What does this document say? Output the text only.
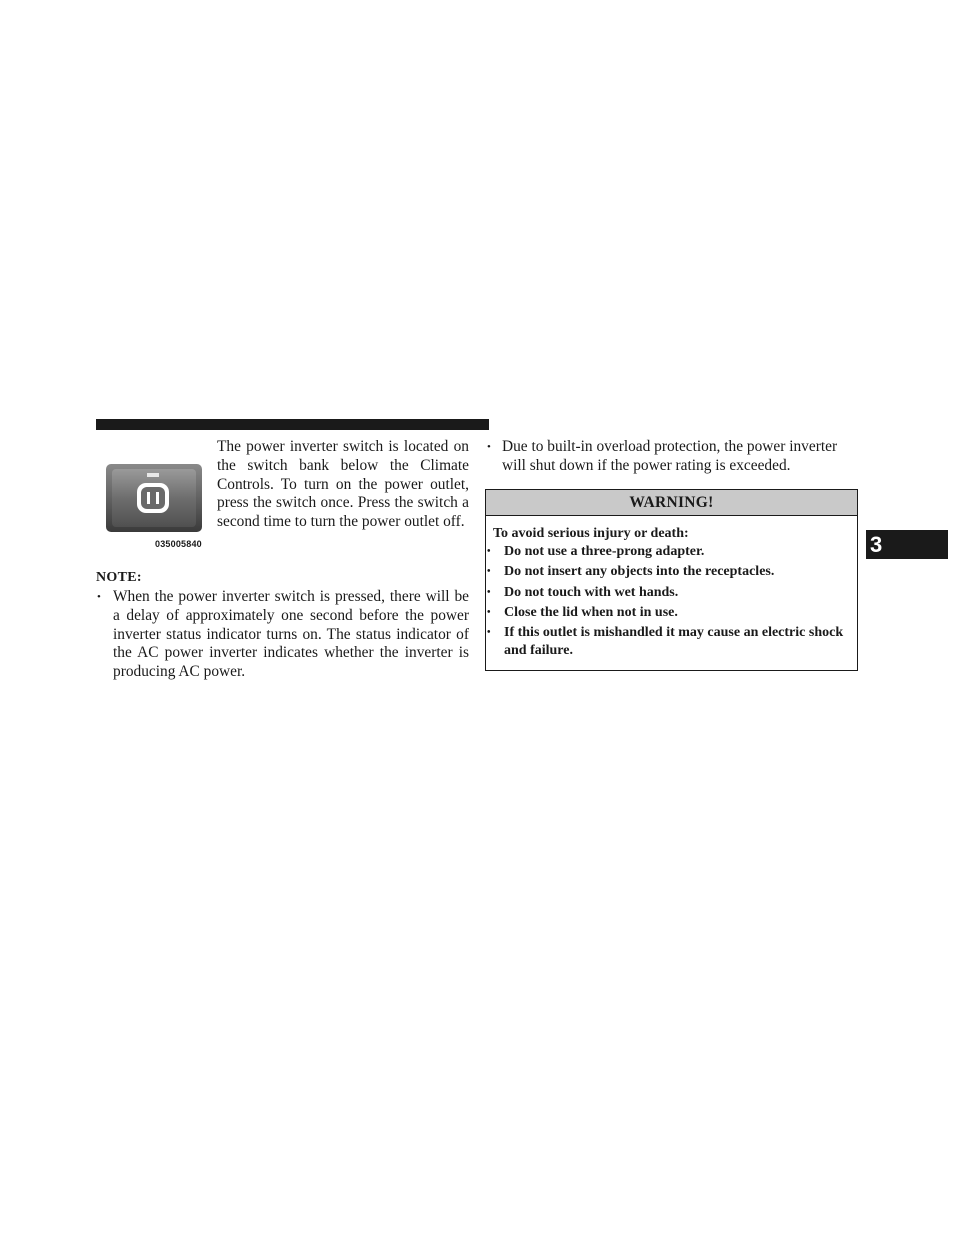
035005840

The power inverter switch is located on the switch bank below the Climate Controls. To turn on the power outlet, press the switch once. Press the switch a second time to turn the power outlet off.

NOTE:

• When the power inverter switch is pressed, there will be a delay of approximately one second before the power inverter status indicator turns on. The status indicator of the AC power inverter indicates whether the inverter is producing AC power.
• Due to built-in overload protection, the power inverter will shut down if the power rating is exceeded.
WARNING!

To avoid serious injury or death:

• Do not use a three-prong adapter.
• Do not insert any objects into the receptacles.
• Do not touch with wet hands.
• Close the lid when not in use.
• If this outlet is mishandled it may cause an electric shock and failure.
3
